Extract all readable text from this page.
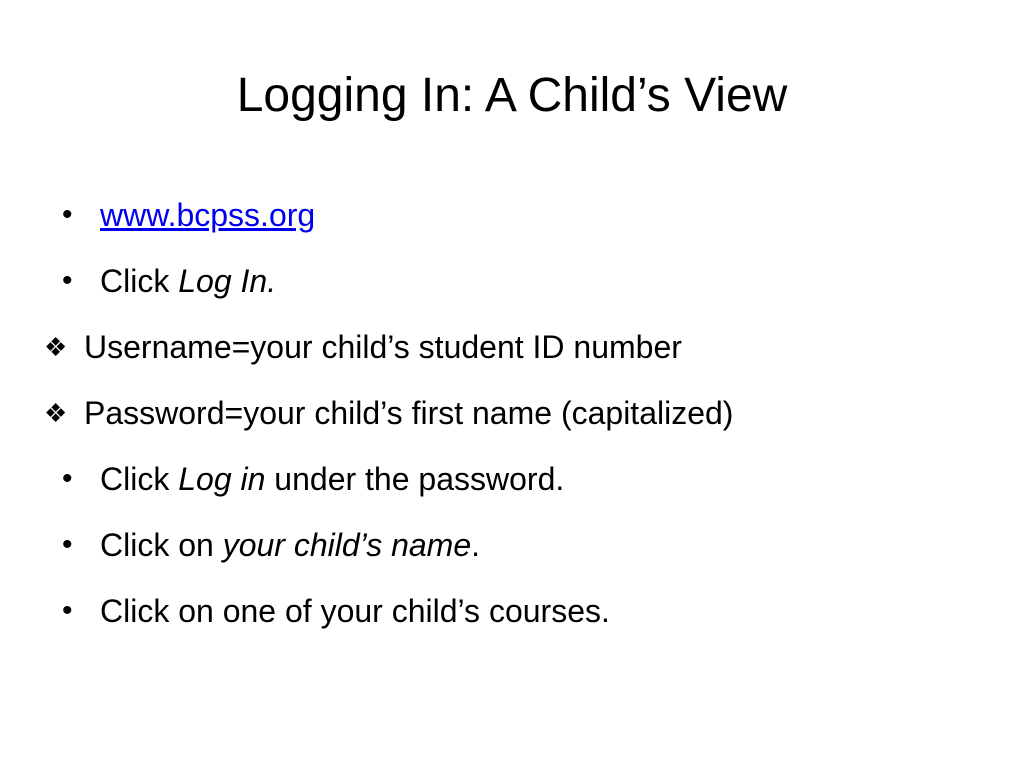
Logging In: A Child’s View
• www.bcpss.org
• Click Log In.
❖ Username=your child’s student ID number
❖ Password=your child’s first name (capitalized)
• Click Log in under the password.
• Click on your child’s name.
• Click on one of your child’s courses.
